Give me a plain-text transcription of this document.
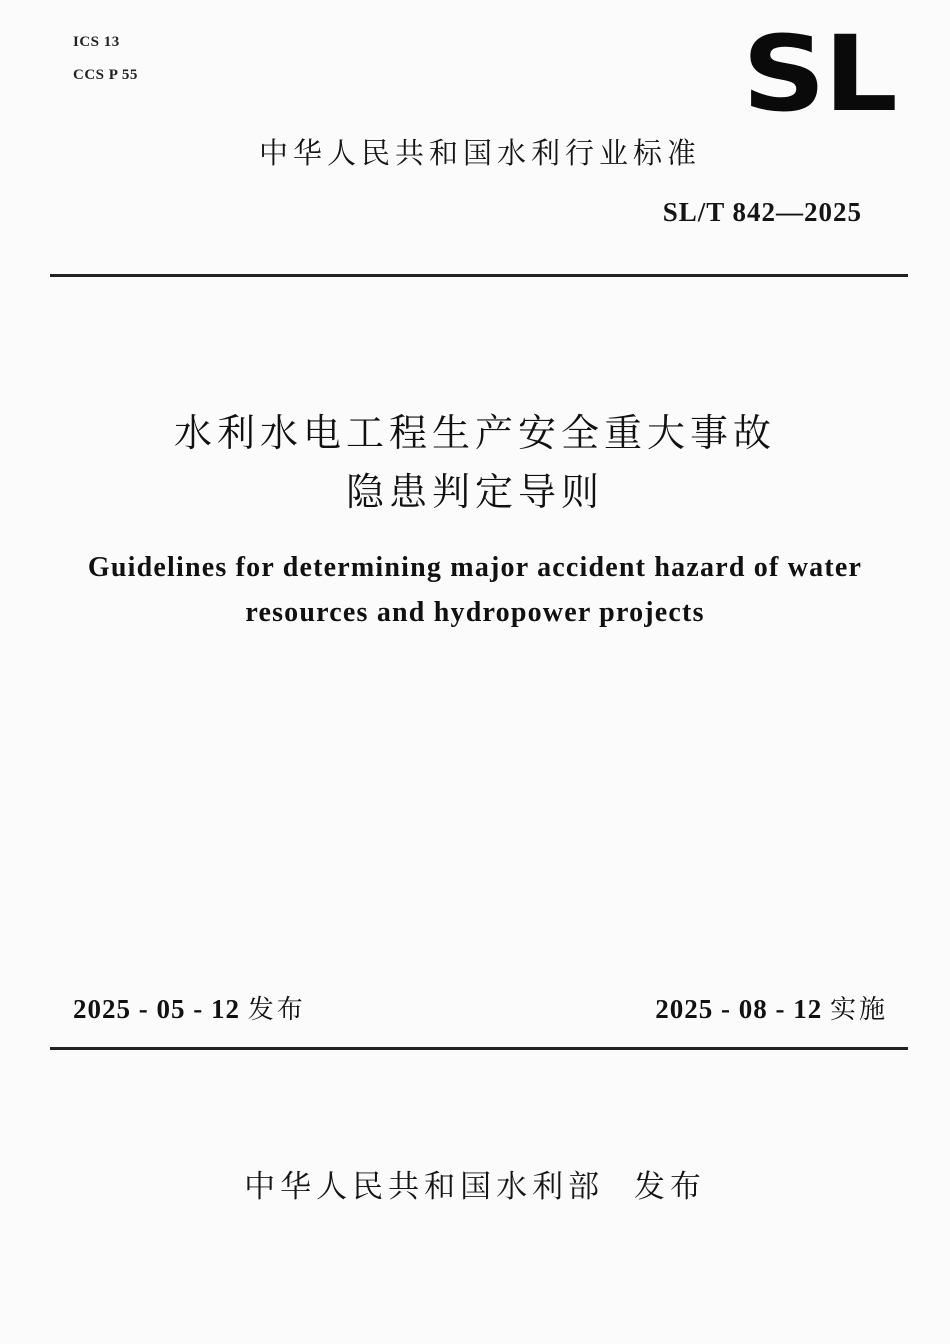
ICS 13
CCS P 55	SL
中华人民共和国水利行业标准
SL/T 842—2025
水利水电工程生产安全重大事故
隐患判定导则
Guidelines for determining major accident hazard of water
resources and hydropower projects
2025 - 05 - 12 发布	2025 - 08 - 12 实施
中华人民共和国水利部 发布
